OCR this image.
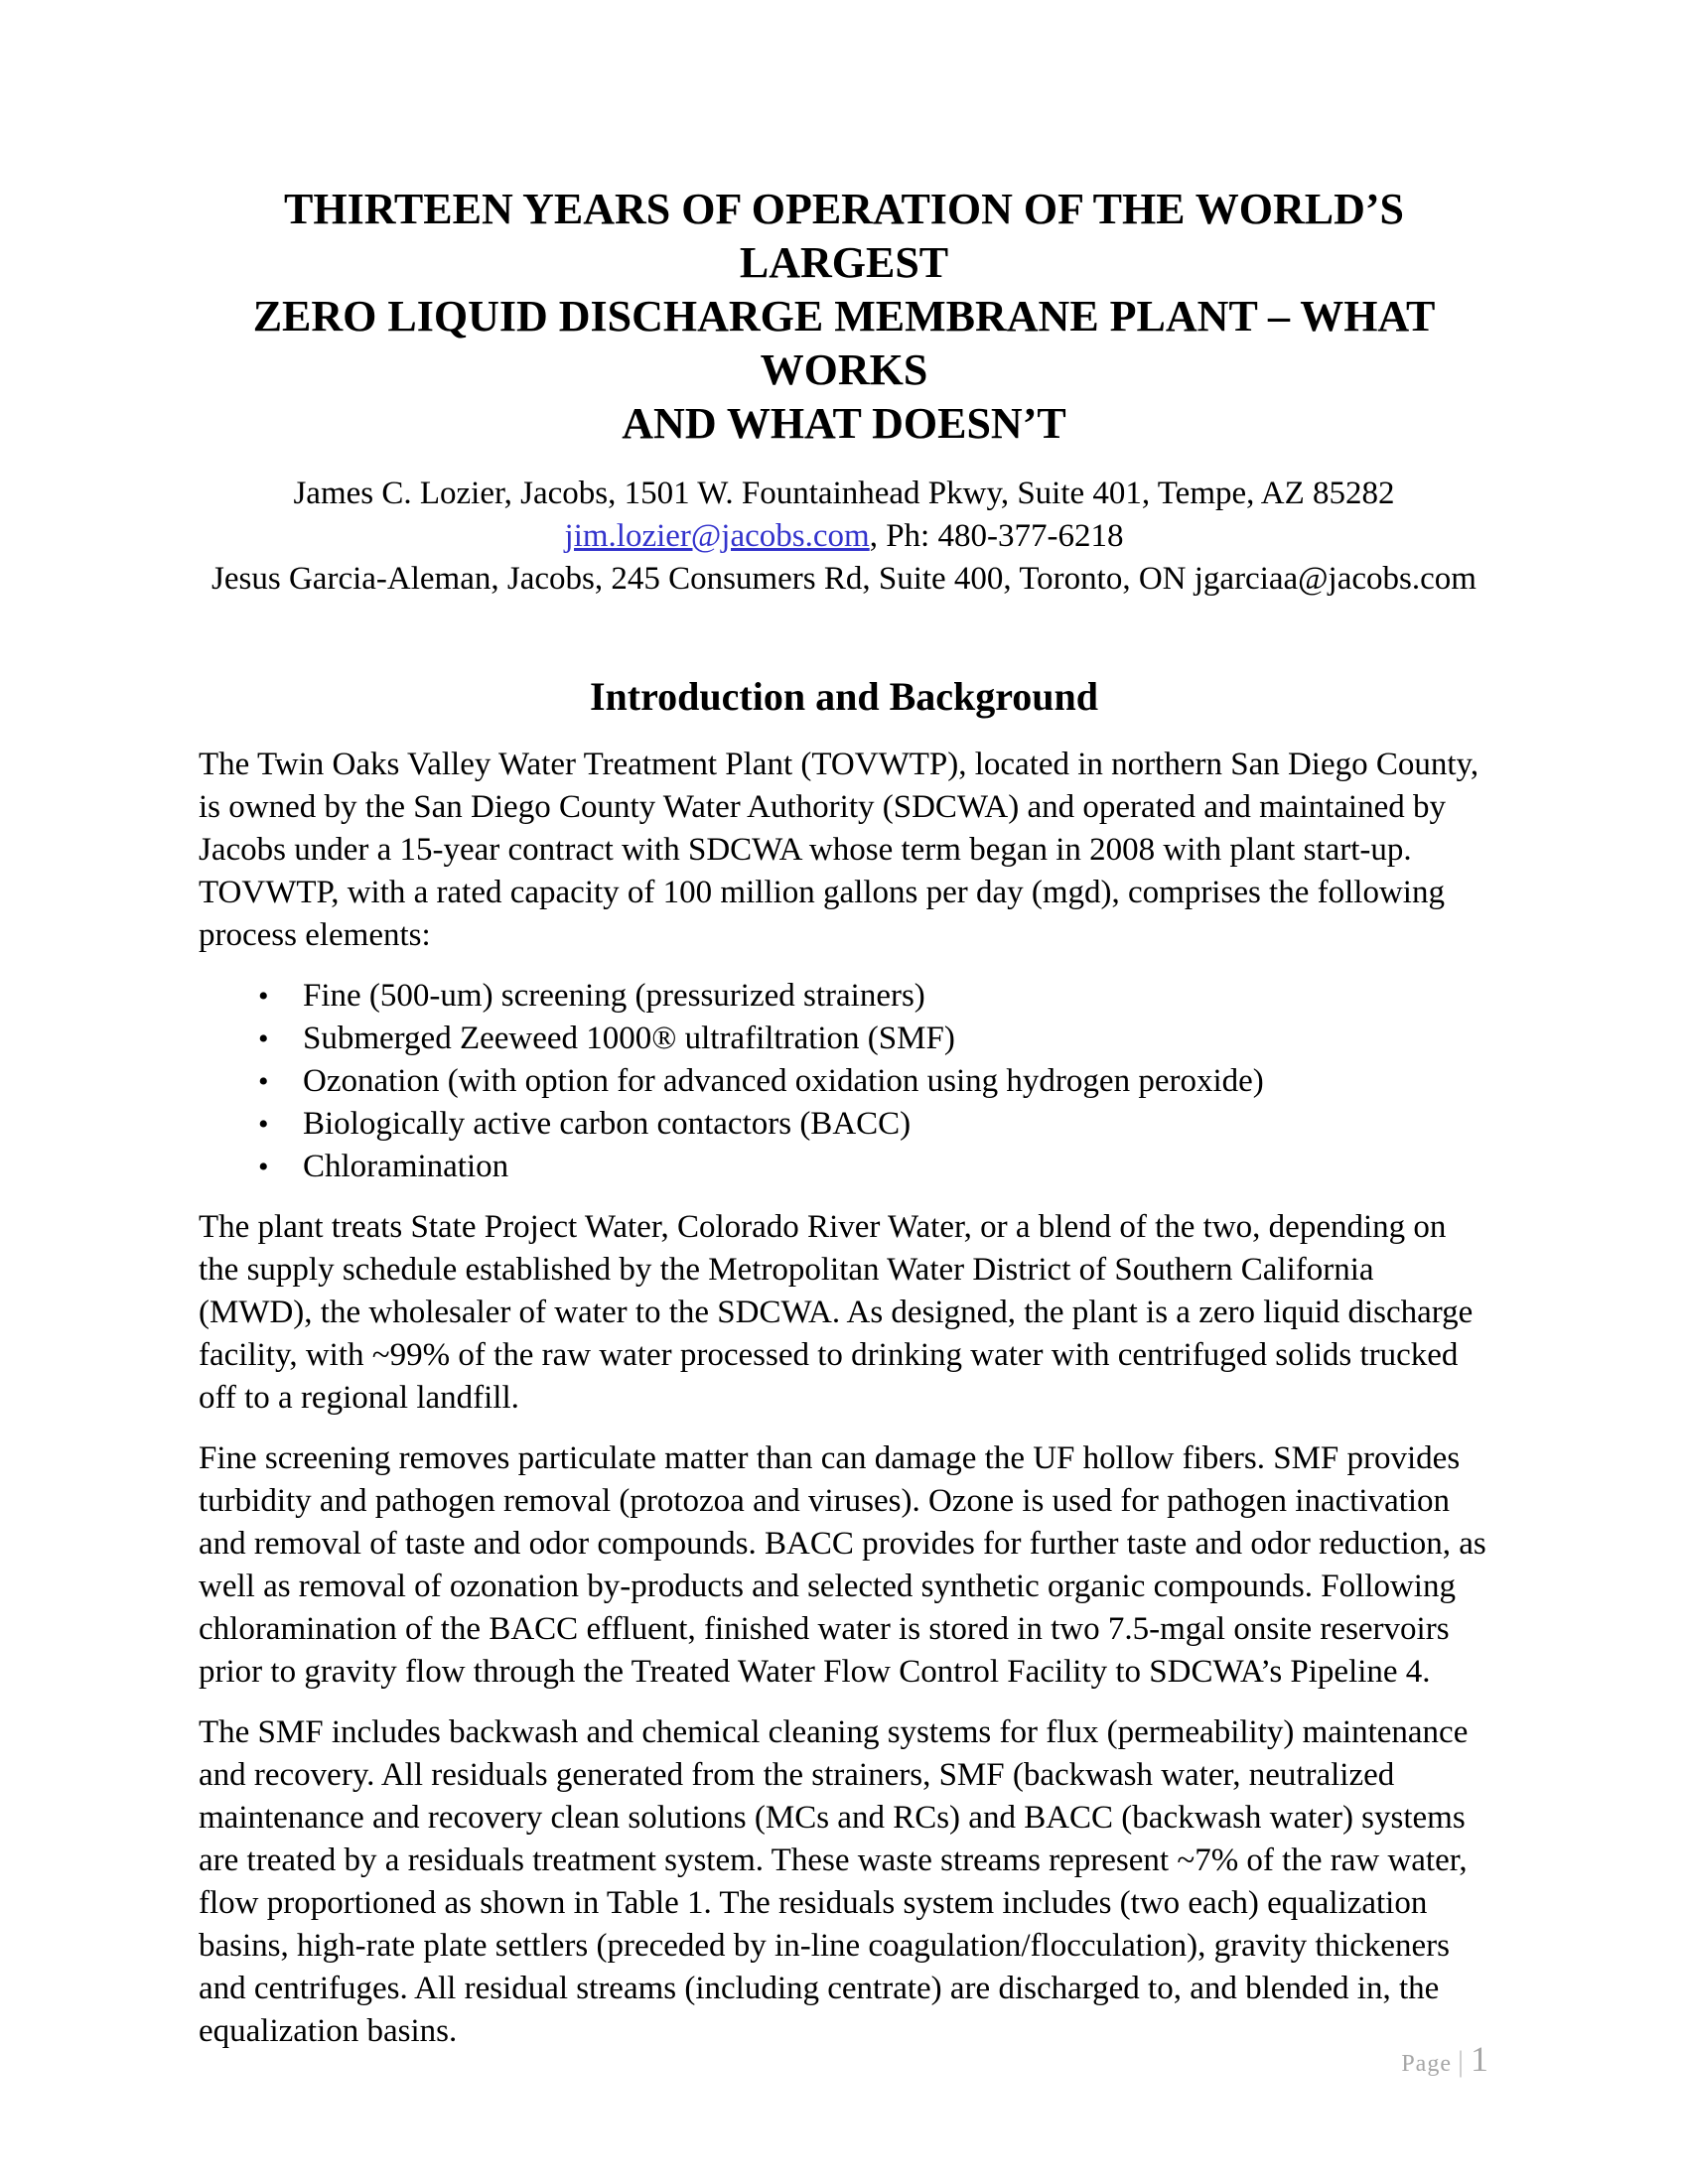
THIRTEEN YEARS OF OPERATION OF THE WORLD’S LARGEST
ZERO LIQUID DISCHARGE MEMBRANE PLANT – WHAT WORKS
AND WHAT DOESN’T
James C. Lozier, Jacobs, 1501 W. Fountainhead Pkwy, Suite 401, Tempe, AZ 85282
jim.lozier@jacobs.com, Ph: 480-377-6218
Jesus Garcia-Aleman, Jacobs, 245 Consumers Rd, Suite 400, Toronto, ON jgarciaa@jacobs.com
Introduction and Background

The Twin Oaks Valley Water Treatment Plant (TOVWTP), located in northern San Diego County, is owned by the San Diego County Water Authority (SDCWA) and operated and maintained by Jacobs under a 15-year contract with SDCWA whose term began in 2008 with plant start-up. TOVWTP, with a rated capacity of 100 million gallons per day (mgd), comprises the following process elements:

• Fine (500-um) screening (pressurized strainers)
• Submerged Zeeweed 1000® ultrafiltration (SMF)
• Ozonation (with option for advanced oxidation using hydrogen peroxide)
• Biologically active carbon contactors (BACC)
• Chloramination

The plant treats State Project Water, Colorado River Water, or a blend of the two, depending on the supply schedule established by the Metropolitan Water District of Southern California (MWD), the wholesaler of water to the SDCWA. As designed, the plant is a zero liquid discharge facility, with ~99% of the raw water processed to drinking water with centrifuged solids trucked off to a regional landfill.

Fine screening removes particulate matter than can damage the UF hollow fibers. SMF provides turbidity and pathogen removal (protozoa and viruses). Ozone is used for pathogen inactivation and removal of taste and odor compounds. BACC provides for further taste and odor reduction, as well as removal of ozonation by-products and selected synthetic organic compounds. Following chloramination of the BACC effluent, finished water is stored in two 7.5-mgal onsite reservoirs prior to gravity flow through the Treated Water Flow Control Facility to SDCWA’s Pipeline 4.

The SMF includes backwash and chemical cleaning systems for flux (permeability) maintenance and recovery. All residuals generated from the strainers, SMF (backwash water, neutralized maintenance and recovery clean solutions (MCs and RCs) and BACC (backwash water) systems are treated by a residuals treatment system. These waste streams represent ~7% of the raw water, flow proportioned as shown in Table 1. The residuals system includes (two each) equalization basins, high-rate plate settlers (preceded by in-line coagulation/flocculation), gravity thickeners and centrifuges. All residual streams (including centrate) are discharged to, and blended in, the equalization basins.

Page | 1
